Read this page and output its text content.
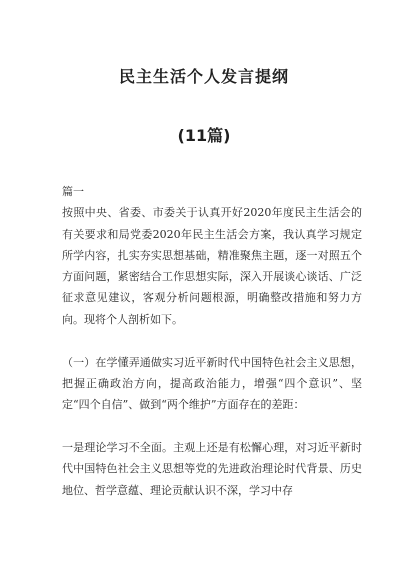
民主生活个人发言提纲
(11篇)

篇一

按照中央、省委、市委关于认真开好2020年度民主生活会的有关要求和局党委2020年民主生活会方案，我认真学习规定所学内容，扎实夯实思想基础，精准聚焦主题，逐一对照五个方面问题，紧密结合工作思想实际，深入开展谈心谈话、广泛征求意见建议，客观分析问题根源，明确整改措施和努力方向。现将个人剖析如下。

（一）在学懂弄通做实习近平新时代中国特色社会主义思想，把握正确政治方向，提高政治能力，增强“四个意识”、坚定“四个自信”、做到“两个维护”方面存在的差距：

一是理论学习不全面。主观上还是有松懈心理，对习近平新时代中国特色社会主义思想等党的先进政治理论时代背景、历史地位、哲学意蕴、理论贡献认识不深，学习中存
